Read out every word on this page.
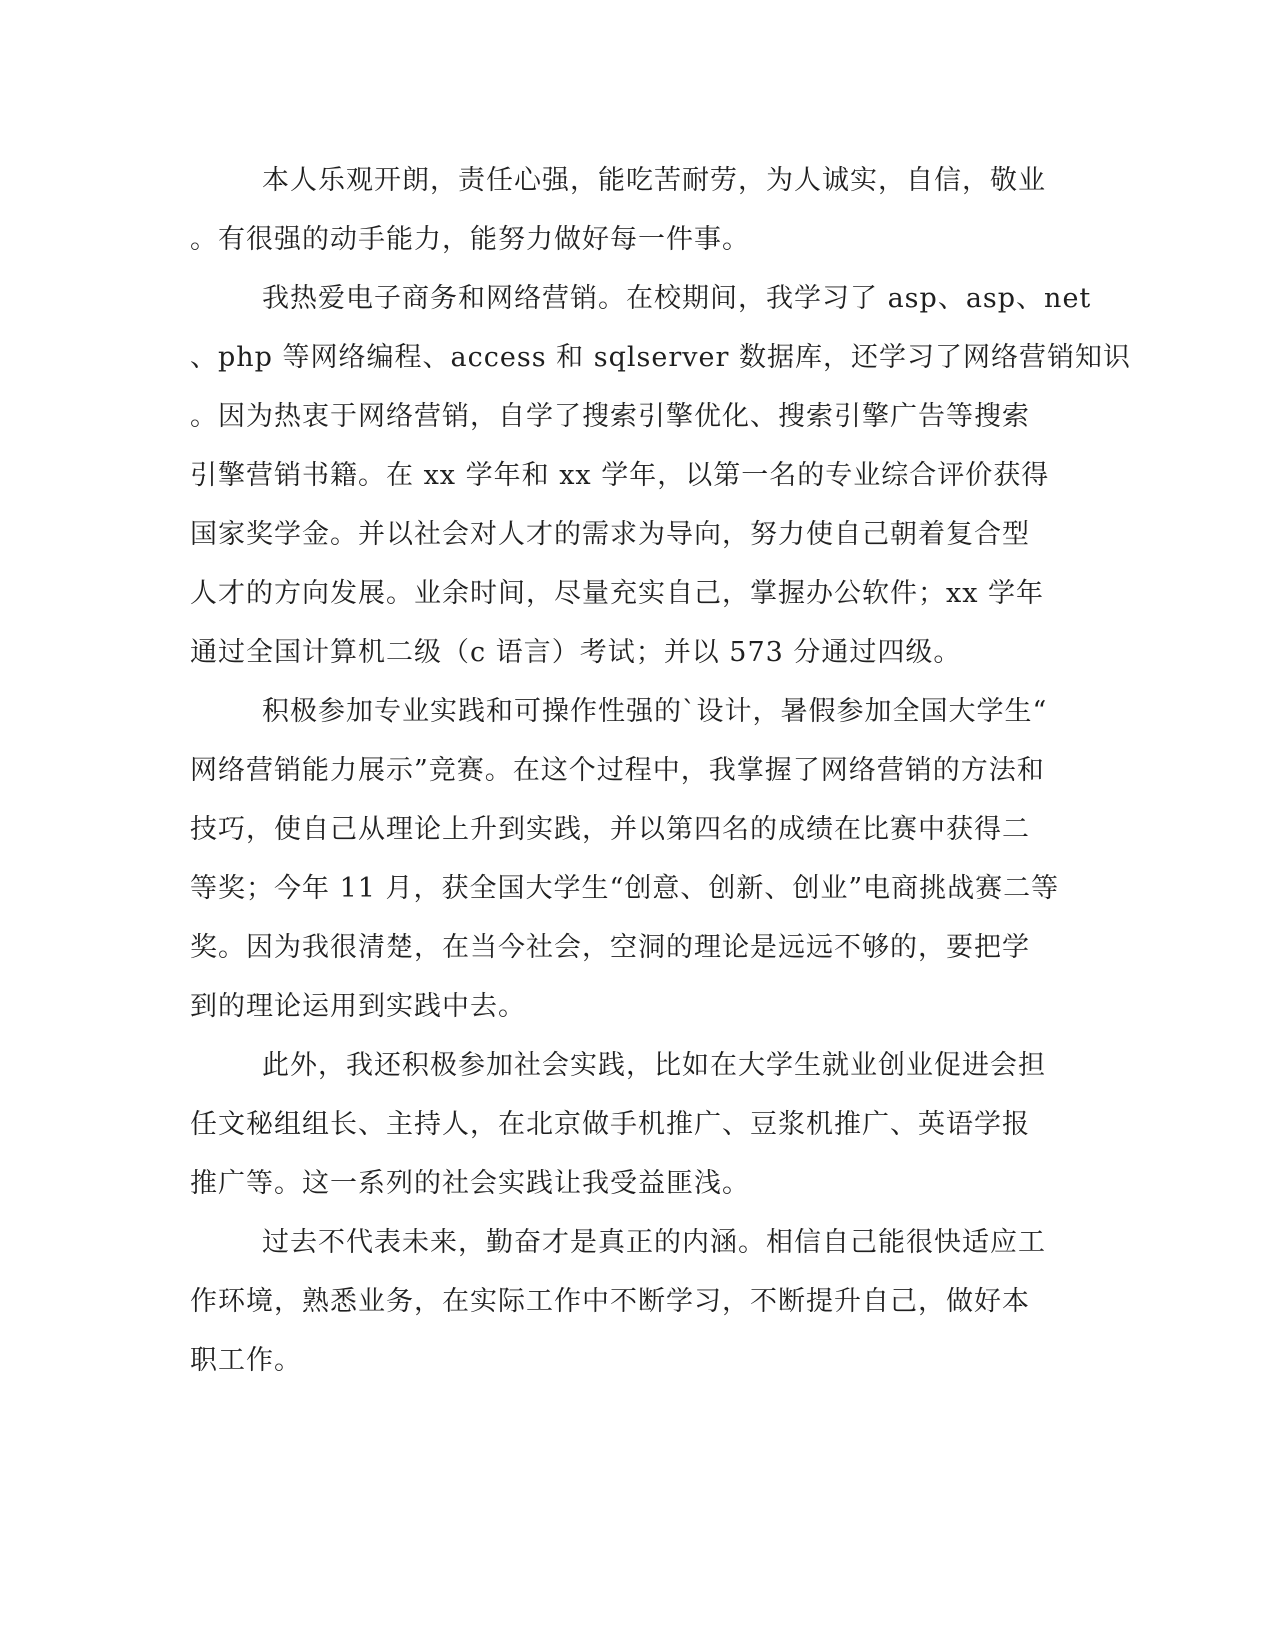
本人乐观开朗，责任心强，能吃苦耐劳，为人诚实，自信，敬业
。有很强的动手能力，能努力做好每一件事。
我热爱电子商务和网络营销。在校期间，我学习了 asp、asp、net
、php 等网络编程、access 和 sqlserver 数据库，还学习了网络营销知识
。因为热衷于网络营销，自学了搜索引擎优化、搜索引擎广告等搜索
引擎营销书籍。在 xx 学年和 xx 学年，以第一名的专业综合评价获得
国家奖学金。并以社会对人才的需求为导向，努力使自己朝着复合型
人才的方向发展。业余时间，尽量充实自己，掌握办公软件；xx 学年
通过全国计算机二级（c 语言）考试；并以 573 分通过四级。
积极参加专业实践和可操作性强的`设计，暑假参加全国大学生“
网络营销能力展示”竞赛。在这个过程中，我掌握了网络营销的方法和
技巧，使自己从理论上升到实践，并以第四名的成绩在比赛中获得二
等奖；今年 11 月，获全国大学生“创意、创新、创业”电商挑战赛二等
奖。因为我很清楚，在当今社会，空洞的理论是远远不够的，要把学
到的理论运用到实践中去。
此外，我还积极参加社会实践，比如在大学生就业创业促进会担
任文秘组组长、主持人，在北京做手机推广、豆浆机推广、英语学报
推广等。这一系列的社会实践让我受益匪浅。
过去不代表未来，勤奋才是真正的内涵。相信自己能很快适应工
作环境，熟悉业务，在实际工作中不断学习，不断提升自己，做好本
职工作。
